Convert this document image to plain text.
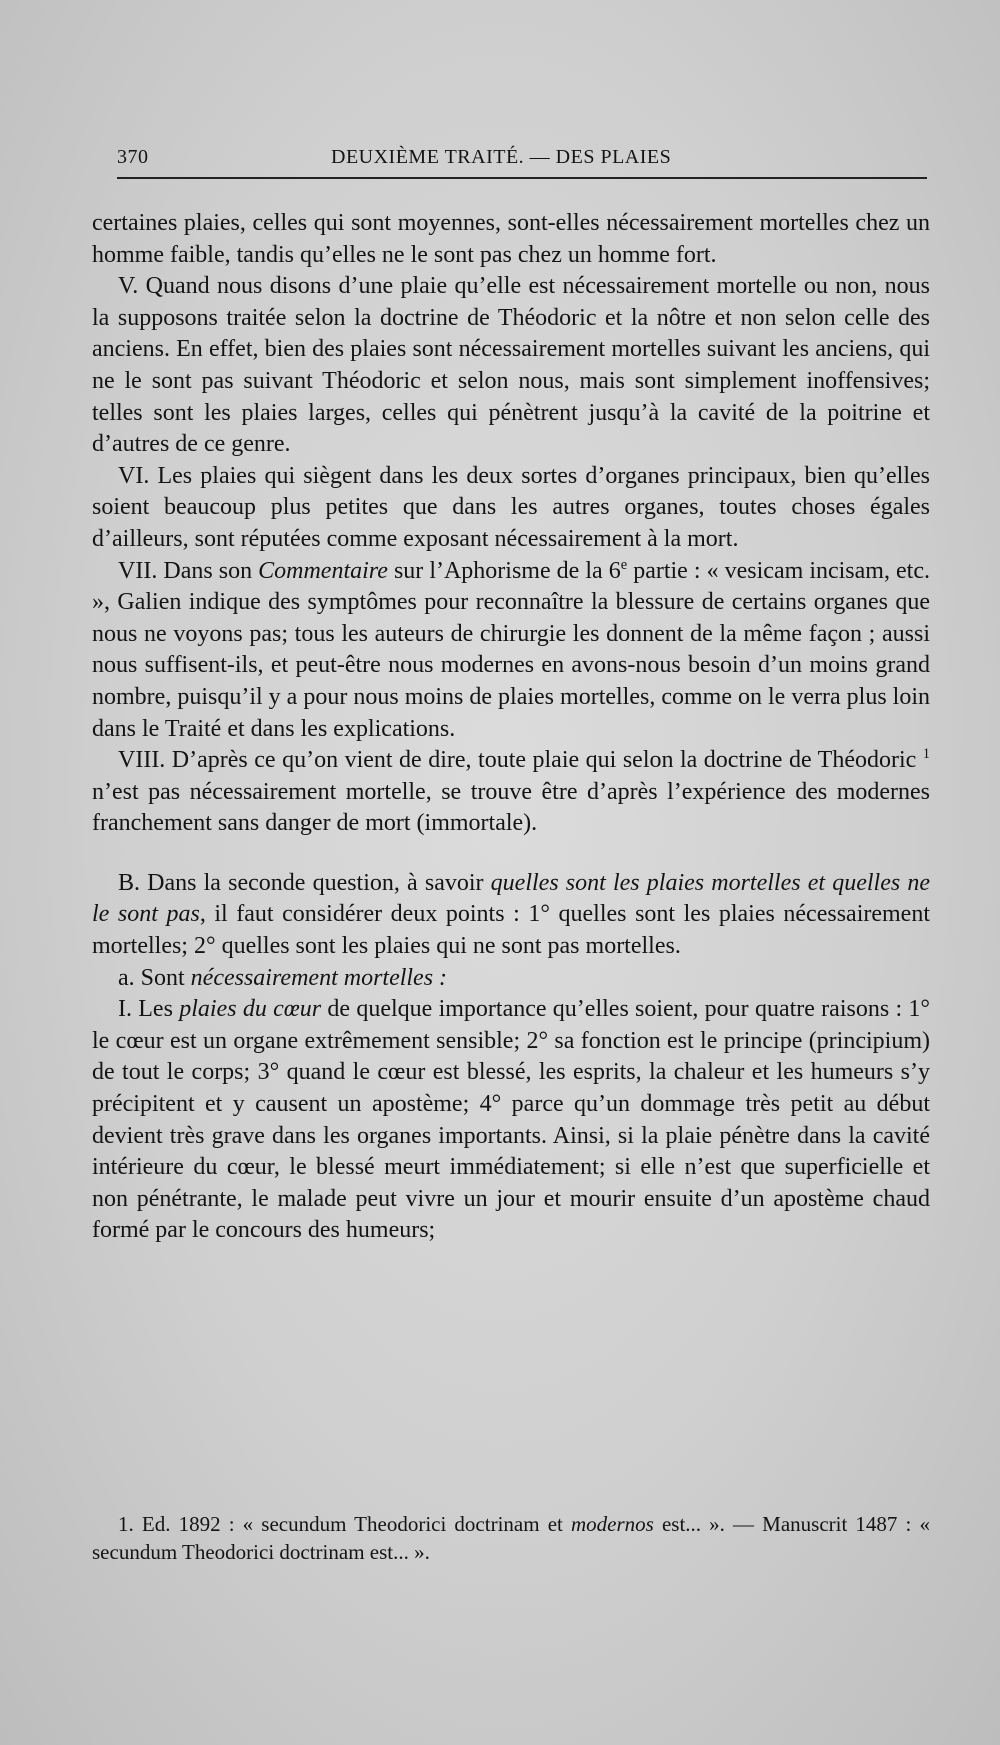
370	DEUXIÈME TRAITÉ. — DES PLAIES

certaines plaies, celles qui sont moyennes, sont-elles nécessairement mortelles chez un homme faible, tandis qu’elles ne le sont pas chez un homme fort.

V. Quand nous disons d’une plaie qu’elle est nécessairement mortelle ou non, nous la supposons traitée selon la doctrine de Théodoric et la nôtre et non selon celle des anciens. En effet, bien des plaies sont nécessairement mortelles suivant les anciens, qui ne le sont pas suivant Théodoric et selon nous, mais sont simplement inoffensives; telles sont les plaies larges, celles qui pénètrent jusqu’à la cavité de la poitrine et d’autres de ce genre.

VI. Les plaies qui siègent dans les deux sortes d’organes principaux, bien qu’elles soient beaucoup plus petites que dans les autres organes, toutes choses égales d’ailleurs, sont réputées comme exposant nécessairement à la mort.

VII. Dans son Commentaire sur l’Aphorisme de la 6e partie : « vesicam incisam, etc. », Galien indique des symptômes pour reconnaître la blessure de certains organes que nous ne voyons pas; tous les auteurs de chirurgie les donnent de la même façon ; aussi nous suffisent-ils, et peut-être nous modernes en avons-nous besoin d’un moins grand nombre, puisqu’il y a pour nous moins de plaies mortelles, comme on le verra plus loin dans le Traité et dans les explications.

VIII. D’après ce qu’on vient de dire, toute plaie qui selon la doctrine de Théodoric $^1$ n’est pas nécessairement mortelle, se trouve être d’après l’expérience des modernes franchement sans danger de mort (immortale).

B. Dans la seconde question, à savoir quelles sont les plaies mortelles et quelles ne le sont pas, il faut considérer deux points : 1° quelles sont les plaies nécessairement mortelles; 2° quelles sont les plaies qui ne sont pas mortelles.

a. Sont nécessairement mortelles :

I. Les plaies du cœur de quelque importance qu’elles soient, pour quatre raisons : 1° le cœur est un organe extrêmement sensible; 2° sa fonction est le principe (principium) de tout le corps; 3° quand le cœur est blessé, les esprits, la chaleur et les humeurs s’y précipitent et y causent un apostème; 4° parce qu’un dommage très petit au début devient très grave dans les organes importants. Ainsi, si la plaie pénètre dans la cavité intérieure du cœur, le blessé meurt immédiatement; si elle n’est que superficielle et non pénétrante, le malade peut vivre un jour et mourir ensuite d’un apostème chaud formé par le concours des humeurs;

1. Ed. 1892 : « secundum Theodorici doctrinam et modernos est... ». — Manuscrit 1487 : « secundum Theodorici doctrinam est... ».
